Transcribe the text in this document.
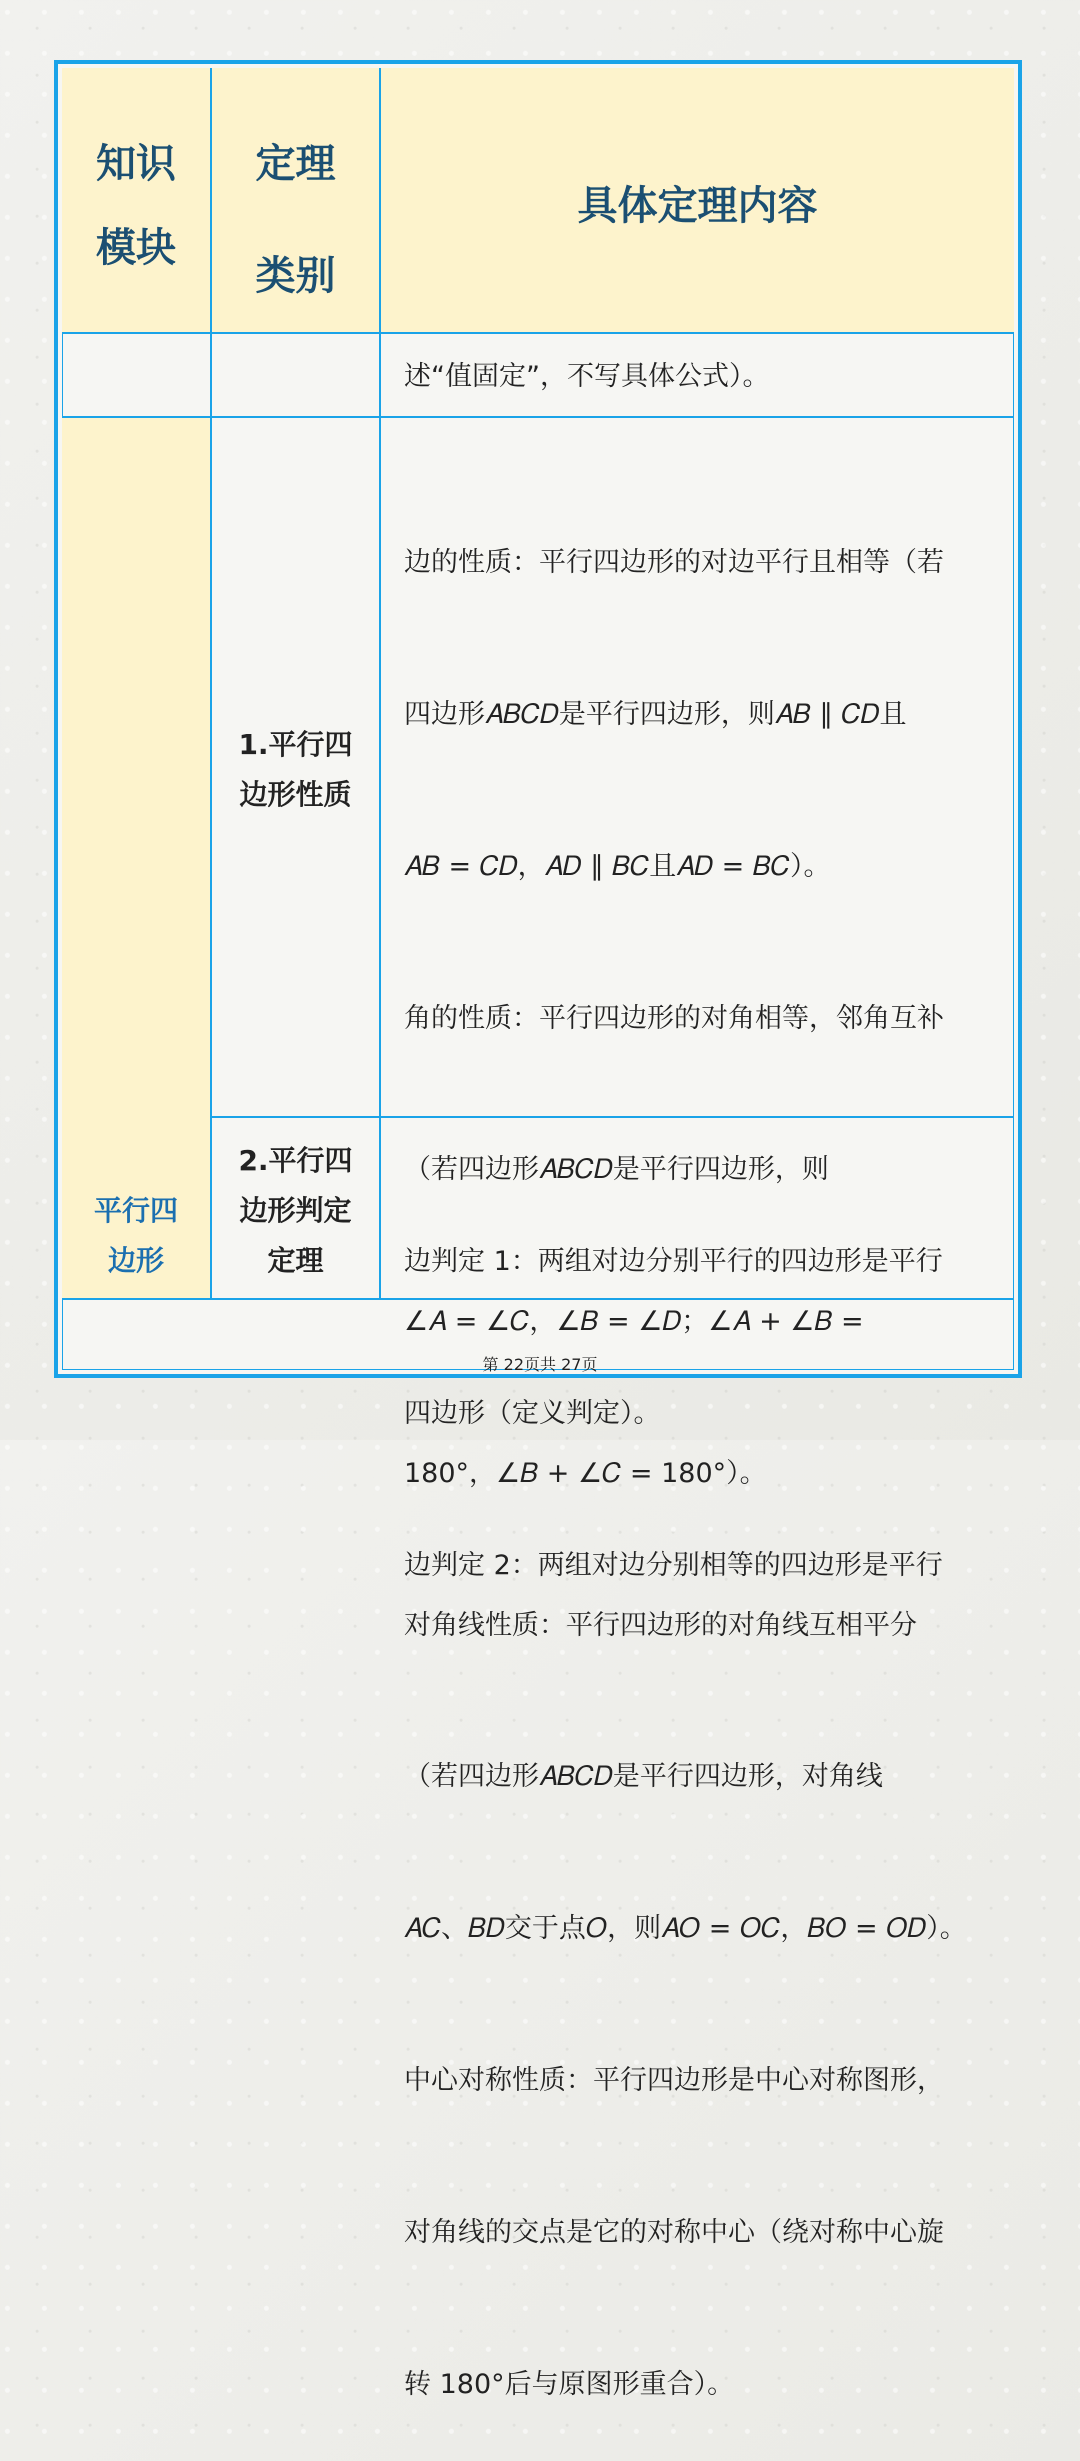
知识
模块
定理
类别
具体定理内容
述“值固定”，不写具体公式）。
平行四
边形
1.平行四
边形性质

边的性质：平行四边形的对边平行且相等（若

四边形𝐴𝐵𝐶𝐷是平行四边形，则𝐴𝐵 ∥ 𝐶𝐷且

𝐴𝐵 = 𝐶𝐷，𝐴𝐷 ∥ 𝐵𝐶且𝐴𝐷 = 𝐵𝐶）。

角的性质：平行四边形的对角相等，邻角互补

（若四边形𝐴𝐵𝐶𝐷是平行四边形，则

∠𝐴 = ∠𝐶，∠𝐵 = ∠𝐷；∠𝐴 + ∠𝐵 =

180°，∠𝐵 + ∠𝐶 = 180°）。

对角线性质：平行四边形的对角线互相平分

（若四边形𝐴𝐵𝐶𝐷是平行四边形，对角线

𝐴𝐶、𝐵𝐷交于点𝑂，则𝐴𝑂 = 𝑂𝐶，𝐵𝑂 = 𝑂𝐷）。

中心对称性质：平行四边形是中心对称图形，

对角线的交点是它的对称中心（绕对称中心旋

转 180°后与原图形重合）。

2.平行四
边形判定
定理

	边判定 1：两组对边分别平行的四边形是平行

四边形（定义判定）。

边判定 2：两组对边分别相等的四边形是平行

第 22页共 27页
